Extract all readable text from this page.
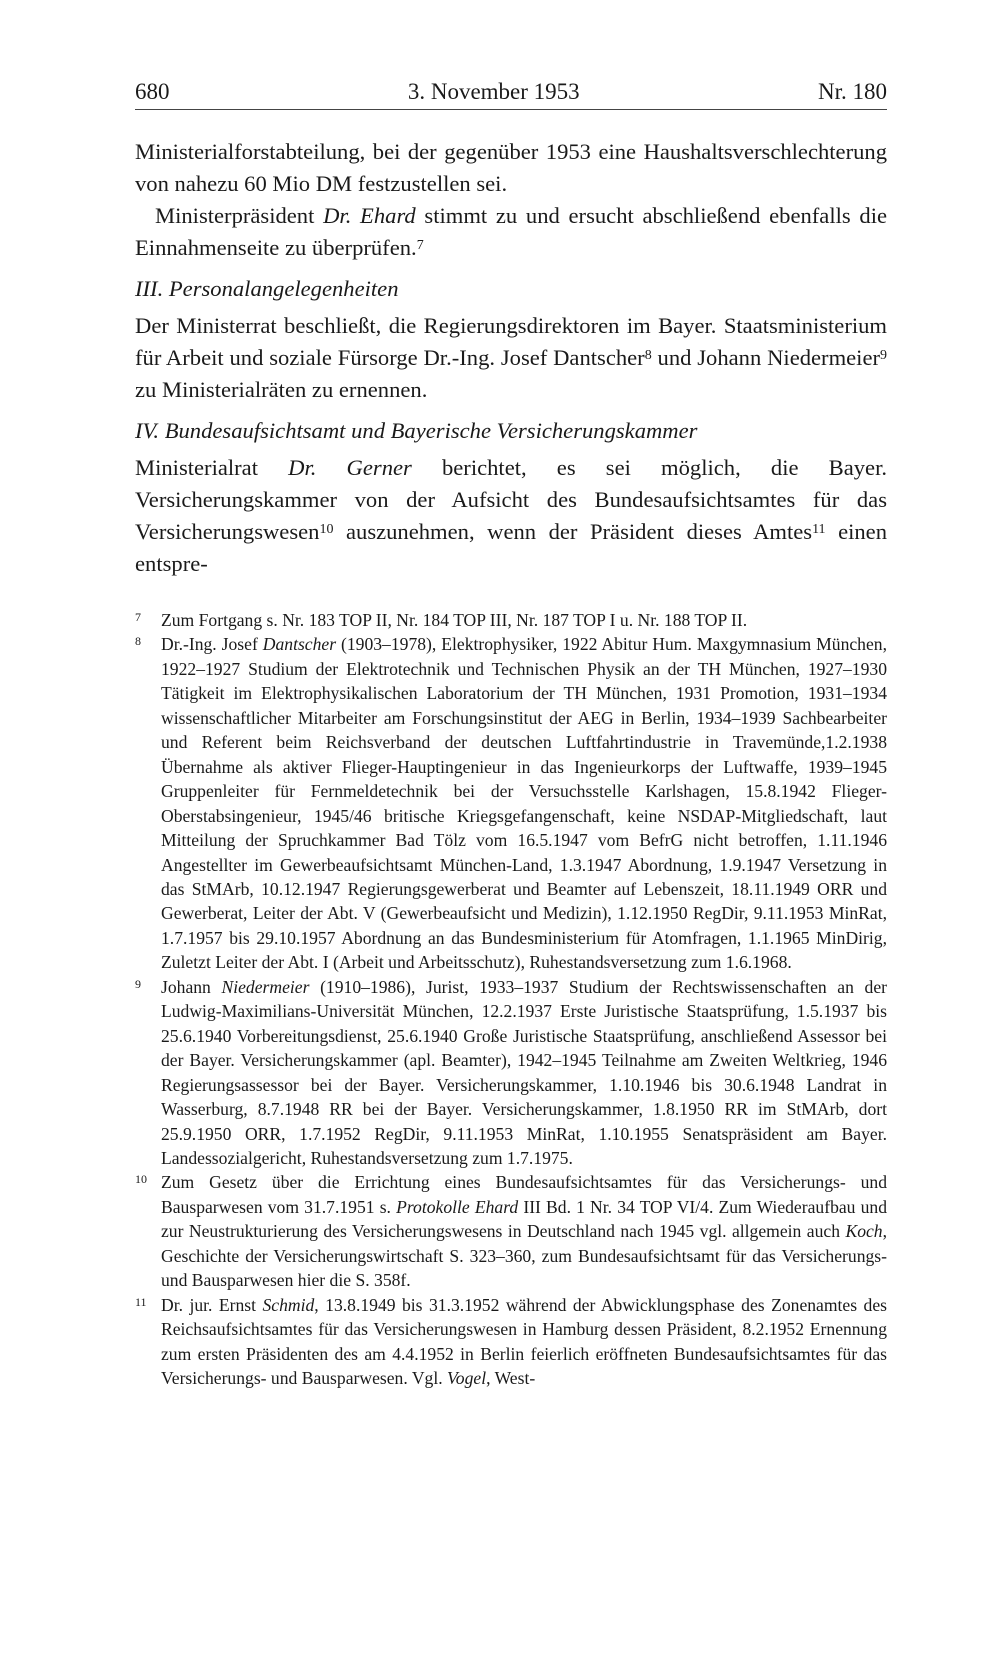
680	3. November 1953	Nr. 180

Ministerialforstabteilung, bei der gegenüber 1953 eine Haushaltsverschlechterung von nahezu 60 Mio DM festzustellen sei.

Ministerpräsident Dr. Ehard stimmt zu und ersucht abschließend ebenfalls die Einnahmenseite zu überprüfen.$^7$

III. Personalangelegenheiten

Der Ministerrat beschließt, die Regierungsdirektoren im Bayer. Staatsministerium für Arbeit und soziale Fürsorge Dr.-Ing. Josef Dantscher$^8$ und Johann Niedermeier$^9$ zu Ministerialräten zu ernennen.

IV. Bundesaufsichtsamt und Bayerische Versicherungskammer

Ministerialrat Dr. Gerner berichtet, es sei möglich, die Bayer. Versicherungskammer von der Aufsicht des Bundesaufsichtsamtes für das Versicherungswesen$^{10}$ auszunehmen, wenn der Präsident dieses Amtes$^{11}$ einen entspre-

7	Zum Fortgang s. Nr. 183 TOP II, Nr. 184 TOP III, Nr. 187 TOP I u. Nr. 188 TOP II.
8	Dr.-Ing. Josef Dantscher (1903–1978), Elektrophysiker, 1922 Abitur Hum. Maxgymnasium München, 1922–1927 Studium der Elektrotechnik und Technischen Physik an der TH München, 1927–1930 Tätigkeit im Elektrophysikalischen Laboratorium der TH München, 1931 Promotion, 1931–1934 wissenschaftlicher Mitarbeiter am Forschungsinstitut der AEG in Berlin, 1934–1939 Sachbearbeiter und Referent beim Reichsverband der deutschen Luftfahrtindustrie in Travemünde,1.2.1938 Übernahme als aktiver Flieger-Hauptingenieur in das Ingenieurkorps der Luftwaffe, 1939–1945 Gruppenleiter für Fernmeldetechnik bei der Versuchsstelle Karlshagen, 15.8.1942 Flieger-Oberstabsingenieur, 1945/46 britische Kriegsgefangenschaft, keine NSDAP-Mitgliedschaft, laut Mitteilung der Spruchkammer Bad Tölz vom 16.5.1947 vom BefrG nicht betroffen, 1.11.1946 Angestellter im Gewerbeaufsichtsamt München-Land, 1.3.1947 Abordnung, 1.9.1947 Versetzung in das StMArb, 10.12.1947 Regierungsgewerberat und Beamter auf Lebenszeit, 18.11.1949 ORR und Gewerberat, Leiter der Abt. V (Gewerbeaufsicht und Medizin), 1.12.1950 RegDir, 9.11.1953 MinRat, 1.7.1957 bis 29.10.1957 Abordnung an das Bundesministerium für Atomfragen, 1.1.1965 MinDirig, Zuletzt Leiter der Abt. I (Arbeit und Arbeitsschutz), Ruhestandsversetzung zum 1.6.1968.
9	Johann Niedermeier (1910–1986), Jurist, 1933–1937 Studium der Rechtswissenschaften an der Ludwig-Maximilians-Universität München, 12.2.1937 Erste Juristische Staatsprüfung, 1.5.1937 bis 25.6.1940 Vorbereitungsdienst, 25.6.1940 Große Juristische Staatsprüfung, anschließend Assessor bei der Bayer. Versicherungskammer (apl. Beamter), 1942–1945 Teilnahme am Zweiten Weltkrieg, 1946 Regierungsassessor bei der Bayer. Versicherungskammer, 1.10.1946 bis 30.6.1948 Landrat in Wasserburg, 8.7.1948 RR bei der Bayer. Versicherungskammer, 1.8.1950 RR im StMArb, dort 25.9.1950 ORR, 1.7.1952 RegDir, 9.11.1953 MinRat, 1.10.1955 Senatspräsident am Bayer. Landessozialgericht, Ruhestandsversetzung zum 1.7.1975.
10 Zum Gesetz über die Errichtung eines Bundesaufsichtsamtes für das Versicherungs- und Bausparwesen vom 31.7.1951 s. Protokolle Ehard III Bd. 1 Nr. 34 TOP VI/4. Zum Wiederaufbau und zur Neustrukturierung des Versicherungswesens in Deutschland nach 1945 vgl. allgemein auch Koch, Geschichte der Versicherungswirtschaft S. 323–360, zum Bundesaufsichtsamt für das Versicherungs- und Bausparwesen hier die S. 358f.
11 Dr. jur. Ernst Schmid, 13.8.1949 bis 31.3.1952 während der Abwicklungsphase des Zonenamtes des Reichsaufsichtsamtes für das Versicherungswesen in Hamburg dessen Präsident, 8.2.1952 Ernennung zum ersten Präsidenten des am 4.4.1952 in Berlin feierlich eröffneten Bundesaufsichtsamtes für das Versicherungs- und Bausparwesen. Vgl. Vogel, West-
